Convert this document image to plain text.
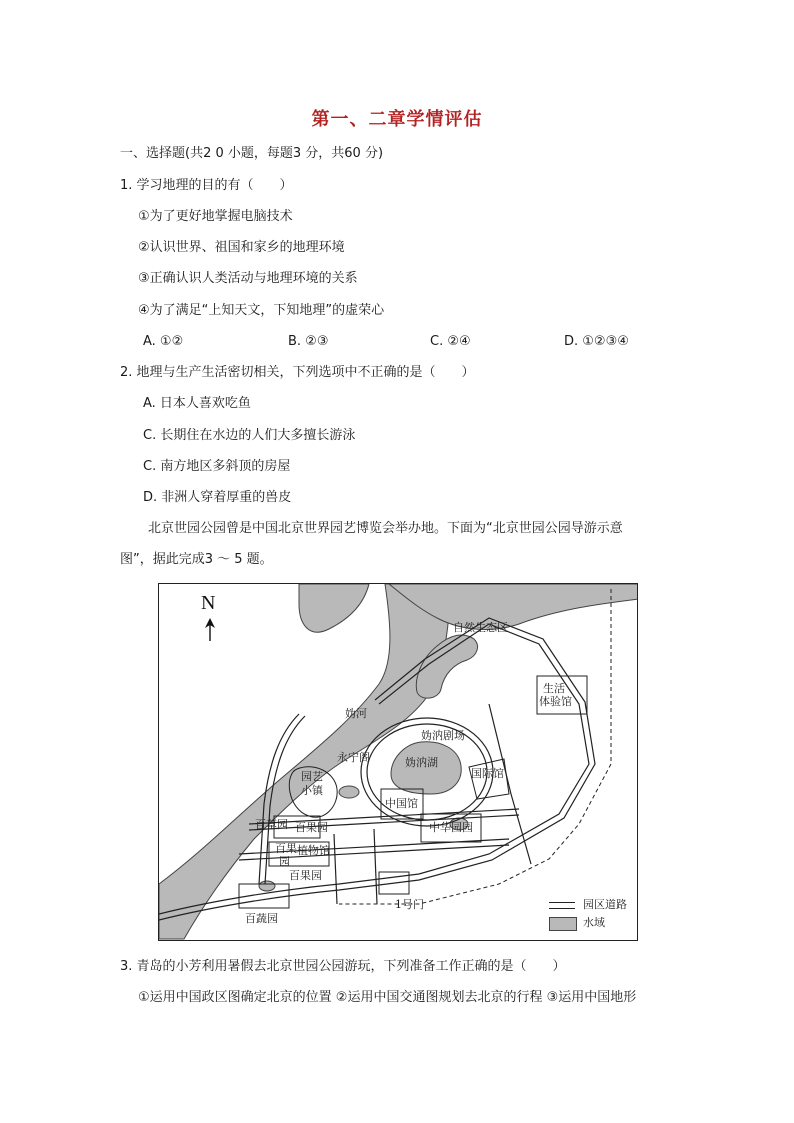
第一、二章学情评估
一、选择题(共2 0 小题，每题3 分，共60 分)
1. 学习地理的目的有（　　）
①为了更好地掌握电脑技术
②认识世界、祖国和家乡的地理环境
③正确认识人类活动与地理环境的关系
④为了满足“上知天文，下知地理”的虚荣心
A. ①②	B. ②③	C. ②④	D. ①②③④
2. 地理与生产生活密切相关，下列选项中不正确的是（　　）
A. 日本人喜欢吃鱼
C. 长期住在水边的人们大多擅长游泳
C. 南方地区多斜顶的房屋
D. 非洲人穿着厚重的兽皮
北京世园公园曾是中国北京世界园艺博览会举办地。下面为“北京世园公园导游示意
图”，据此完成3 ～ 5 题。
N
自然生态区
生活
体验馆
妫河
妫汭剧场
妫汭湖
永宁阁
园艺
小镇
国际馆
中国馆
百草园 百果园
百果
园
植物馆
百果园
中华园园
百蔬园
1号门	园区道路
水域
3. 青岛的小芳利用暑假去北京世园公园游玩，下列准备工作正确的是（　　）
①运用中国政区图确定北京的位置 ②运用中国交通图规划去北京的行程 ③运用中国地形
